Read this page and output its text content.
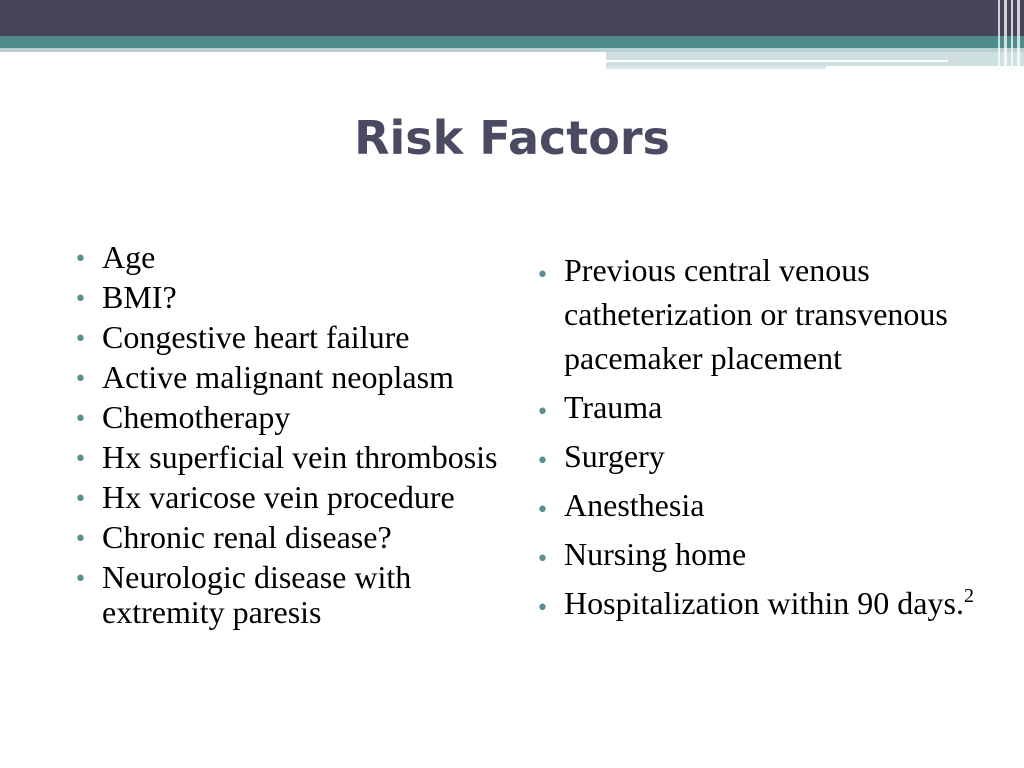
Risk Factors
• Age
• BMI?
• Congestive heart failure
• Active malignant neoplasm
• Chemotherapy
• Hx superficial vein thrombosis
• Hx varicose vein procedure
• Chronic renal disease?
• Neurologic disease with extremity paresis
• Previous central venous catheterization or transvenous pacemaker placement
• Trauma
• Surgery
• Anesthesia
• Nursing home
• Hospitalization within 90 days.$^2$
